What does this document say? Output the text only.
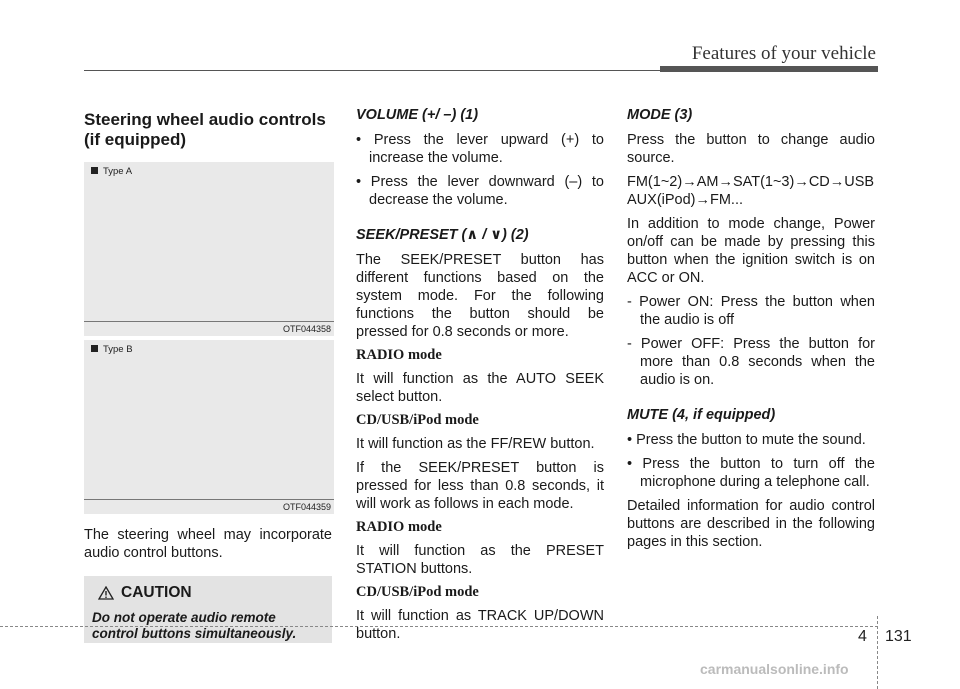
Features of your vehicle
Steering wheel audio controls (if equipped)
Type A
OTF044358
Type B
OTF044359

The steering wheel may incorporate audio control buttons.

CAUTION
Do not operate audio remote control buttons simultaneously.
VOLUME (+/ –) (1)

• Press the lever upward (+) to increase the volume.

• Press the lever downward (–) to decrease the volume.

SEEK/PRESET (∧ / ∨) (2)

The SEEK/PRESET button has different functions based on the system mode. For the following functions the button should be pressed for 0.8 seconds or more.

RADIO mode

It will function as the AUTO SEEK select button.

CD/USB/iPod mode

It will function as the FF/REW button.

If the SEEK/PRESET button is pressed for less than 0.8 seconds, it will work as follows in each mode.

RADIO mode

It will function as the PRESET STATION buttons.

CD/USB/iPod mode

It will function as TRACK UP/DOWN button.

MODE (3)

Press the button to change audio source.

FM(1~2)→AM→SAT(1~3)→CD→USB AUX(iPod)→FM...

In addition to mode change, Power on/off can be made by pressing this button when the ignition switch is on ACC or ON.

- Power ON: Press the button when the audio is off

- Power OFF: Press the button for more than 0.8 seconds when the audio is on.

MUTE (4, if equipped)

• Press the button to mute the sound.

• Press the button to turn off the microphone during a telephone call.

Detailed information for audio control buttons are described in the following pages in this section.

4 131
carmanualsonline.info
